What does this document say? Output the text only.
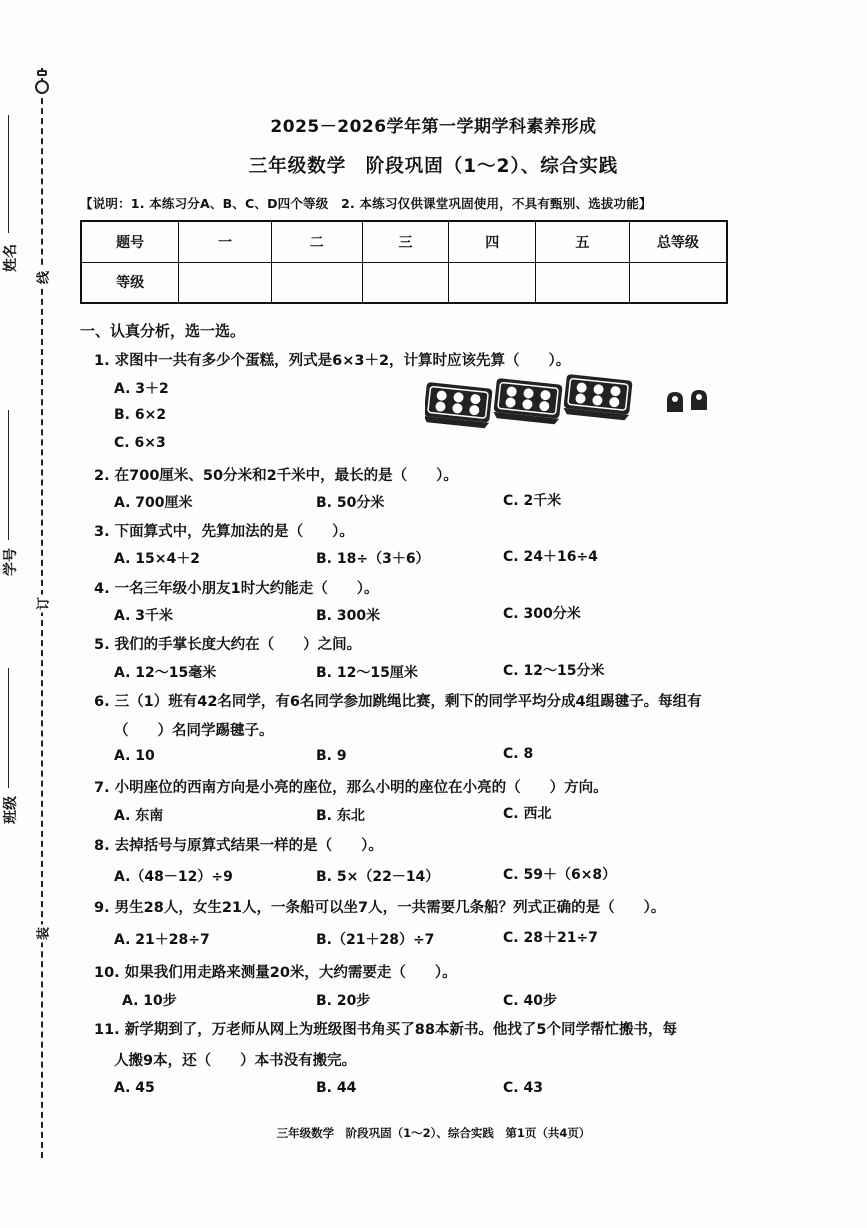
线
订
装
姓名
学号
班级
2025－2026学年第一学期学科素养形成
三年级数学　阶段巩固（1～2）、综合实践
【说明：1. 本练习分A、B、C、D四个等级　2. 本练习仅供课堂巩固使用，不具有甄别、选拔功能】
题号	一	二	三	四	五	总等级
等级						
一、认真分析，选一选。
1. 求图中一共有多少个蛋糕，列式是6×3＋2，计算时应该先算（　　）。
A. 3＋2
B. 6×2
C. 6×3
2. 在700厘米、50分米和2千米中，最长的是（　　）。
A. 700厘米	B. 50分米	C. 2千米
3. 下面算式中，先算加法的是（　　）。
A. 15×4＋2	B. 18÷（3＋6）	C. 24＋16÷4
4. 一名三年级小朋友1时大约能走（　　）。
A. 3千米	B. 300米	C. 300分米
5. 我们的手掌长度大约在（　　）之间。
A. 12～15毫米	B. 12～15厘米	C. 12～15分米
6. 三（1）班有42名同学，有6名同学参加跳绳比赛，剩下的同学平均分成4组踢毽子。每组有
（　　）名同学踢毽子。
A. 10	B. 9	C. 8
7. 小明座位的西南方向是小亮的座位，那么小明的座位在小亮的（　　）方向。
A. 东南	B. 东北	C. 西北
8. 去掉括号与原算式结果一样的是（　　）。
A.（48－12）÷9	B. 5×（22－14）	C. 59＋（6×8）
9. 男生28人，女生21人，一条船可以坐7人，一共需要几条船？列式正确的是（　　）。
A. 21＋28÷7	B.（21＋28）÷7	C. 28＋21÷7
10. 如果我们用走路来测量20米，大约需要走（　　）。
A. 10步	B. 20步	C. 40步
11. 新学期到了，万老师从网上为班级图书角买了88本新书。他找了5个同学帮忙搬书，每
人搬9本，还（　　）本书没有搬完。
A. 45	B. 44	C. 43
三年级数学　阶段巩固（1～2）、综合实践　第1页（共4页）
